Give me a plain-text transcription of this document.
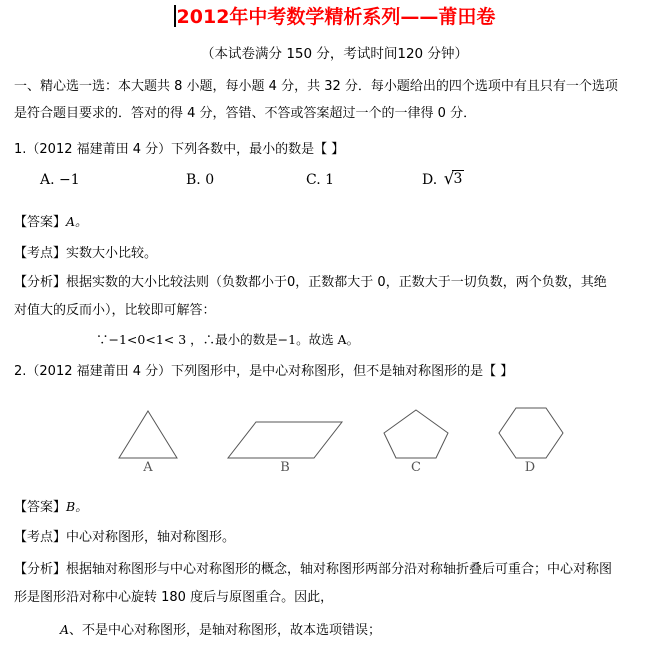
2012年中考数学精析系列——莆田卷
（本试卷满分 150 分，考试时间120 分钟）
一、精心选一选：本大题共 8 小题，每小题 4 分，共 32 分．每小题给出的四个选项中有且只有一个选项
是符合题目要求的．答对的得 4 分，答错、不答或答案超过一个的一律得 0 分．
1.（2012 福建莆田 4 分）下列各数中，最小的数是【 】
A. −1	B. 0	C. 1	D. √3
【答案】A。
【考点】实数大小比较。
【分析】根据实数的大小比较法则（负数都小于0，正数都大于 0，正数大于一切负数，两个负数，其绝
对值大的反而小），比较即可解答：
∵−1<0<1< 3 ，∴最小的数是−1。故选 A。
2.（2012 福建莆田 4 分）下列图形中，是中心对称图形，但不是轴对称图形的是【 】
A	B	C	D
【答案】B。
【考点】中心对称图形，轴对称图形。
【分析】根据轴对称图形与中心对称图形的概念，轴对称图形两部分沿对称轴折叠后可重合；中心对称图
形是图形沿对称中心旋转 180 度后与原图重合。因此，
A、不是中心对称图形，是轴对称图形，故本选项错误；
